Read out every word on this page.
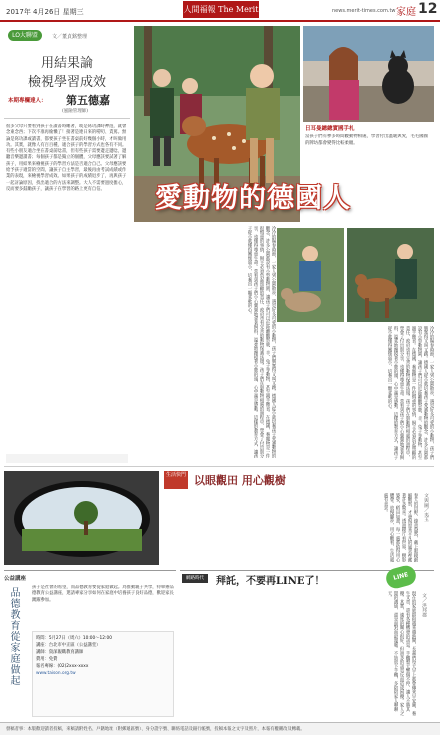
2017年 4月26日 星期三	人間福報 The Merit	news.merit-times.com.tw 家庭 12
LO大聯盟	文／董貞銘整理
用結果論
檢視學習成效
本期專欄達人： 第五德嘉
(風險管理師)
很多父母只要看到孩子在讀書時睡著，或是寫功課時神遊，就會念東念西；下次不准再偷懶了！接著是連日來的嘮叨、責罵。無論是寫功課或讀書，都要孩子坐在書桌前好幾個小時，才叫做用功。其實，就像人有百百種，適合孩子的學習方式也各有不同。有些小朋友適合坐在書桌前唸書，但有些孩子需要邊走邊唸，邊聽音樂邊讀書；每個孩子都是獨立的個體，父母應該要試著了解孩子，用結果來檢視孩子的學習方法是否適合自己。父母應該要給予孩子適當的空間，讓孩子自主學習，最後再由考試成績或作業的表現，來檢視學習成效。如果孩子的成績退步了，再與孩子一起討論原因，找出適合的方法來調整。大人不需要過度擔心，反而要多鼓勵孩子，讓孩子在學習的路上更有自信。
日耳曼總總實國手札
當孩子們有參多時間觀動物相處，學習付出溫暖與愛，毛毛國國的牌坊都會變得比較柔順。
愛動物的德國人
冷冷的陽春時節，一家人到公園散步，遇見好多可愛的小動物，孩子們興奮得又叫又跳。德國人從小就培養孩子愛護動物的觀念，許多公園都設有小型動物園，讓孩子們可以近距離觀察鹿、羊、兔子等動物，甚至親手餵食。在德國，養寵物是一件很慎重的事情，飼主必須負起照顧的責任，政府也有完善的動物保護法規。孩子們在與動物相處的過程中，學會了付出與分享，也懂得尊重生命。當看到孩子們小心翼翼地拿著飼料，溫柔地撫摸著小鹿的頭，心中滿是感動。這樣的教育方式，讓孩子從小就懂得關懷弱小，培養出一顆柔軟的心。
冷冷的陽春時節，一家人到公園散步，遇見好多可愛的小動物，孩子們興奮得又叫又跳。德國人從小就培養孩子愛護動物的觀念，許多公園都設有小型動物園，讓孩子們可以近距離觀察鹿、羊、兔子等動物，甚至親手餵食。在德國，養寵物是一件很慎重的事情，飼主必須負起照顧的責任，政府也有完善的動物保護法規。孩子們在與動物相處的過程中，學會了付出與分享，也懂得尊重生命。當看到孩子們小心翼翼地拿著飼料，溫柔地撫摸著小鹿的頭，心中滿是感動。這樣的教育方式，讓孩子從小就懂得關懷弱小，培養出一顆柔軟的心。
生活快門 以眼觀田 用心觀樹
文與圖／夷玉
春天的田野，綠意盎然，戴上眼鏡細細觀察，才發現原來平凡的風景裡藏著許多驚喜。透過鏡片看世界，樹影婆娑，稻田如畫，每一處都值得用心體會。放慢腳步，用心觀看，生活處處有美景。
公益講座
品德教育從家庭做起	孩子是社會的希望，而品德教育要從家庭做起。為推動親子共學，特舉辦品德教育公益講座，邀請專家分享如何在家庭中培養孩子良好品德，歡迎家長踴躍參加。
時間：5月27日（周六）10:00～12:00
講座：台北市中正區（公益講堂）
講師：資深親職教育講師
費用：免費
報名專線：(02)2xxx-xxxx
www.taison.org.tw
網路時代	拜託，不要再LINE了！	LINE
文／洪邦郡
現在的家庭群組越來越熱鬧，長輩們每天早上都會傳來早安圖、養生文章，還有各種轉發的訊息。手機整天響個不停，讓人不勝其擾。其實，適度的關心很好，但過多的訊息反而造成困擾。家人之間的溝通，還是面對面最溫暖。不妨放下手機，多陪陪家人聊聊天。
發稿者事：本版歡迎讀者投稿，來稿請附姓名、戶籍地址（附郵遞區號）、身分證字號、聯絡電話及銀行帳號，投稿本報之文字及照片，本報有權刪改及轉載。
